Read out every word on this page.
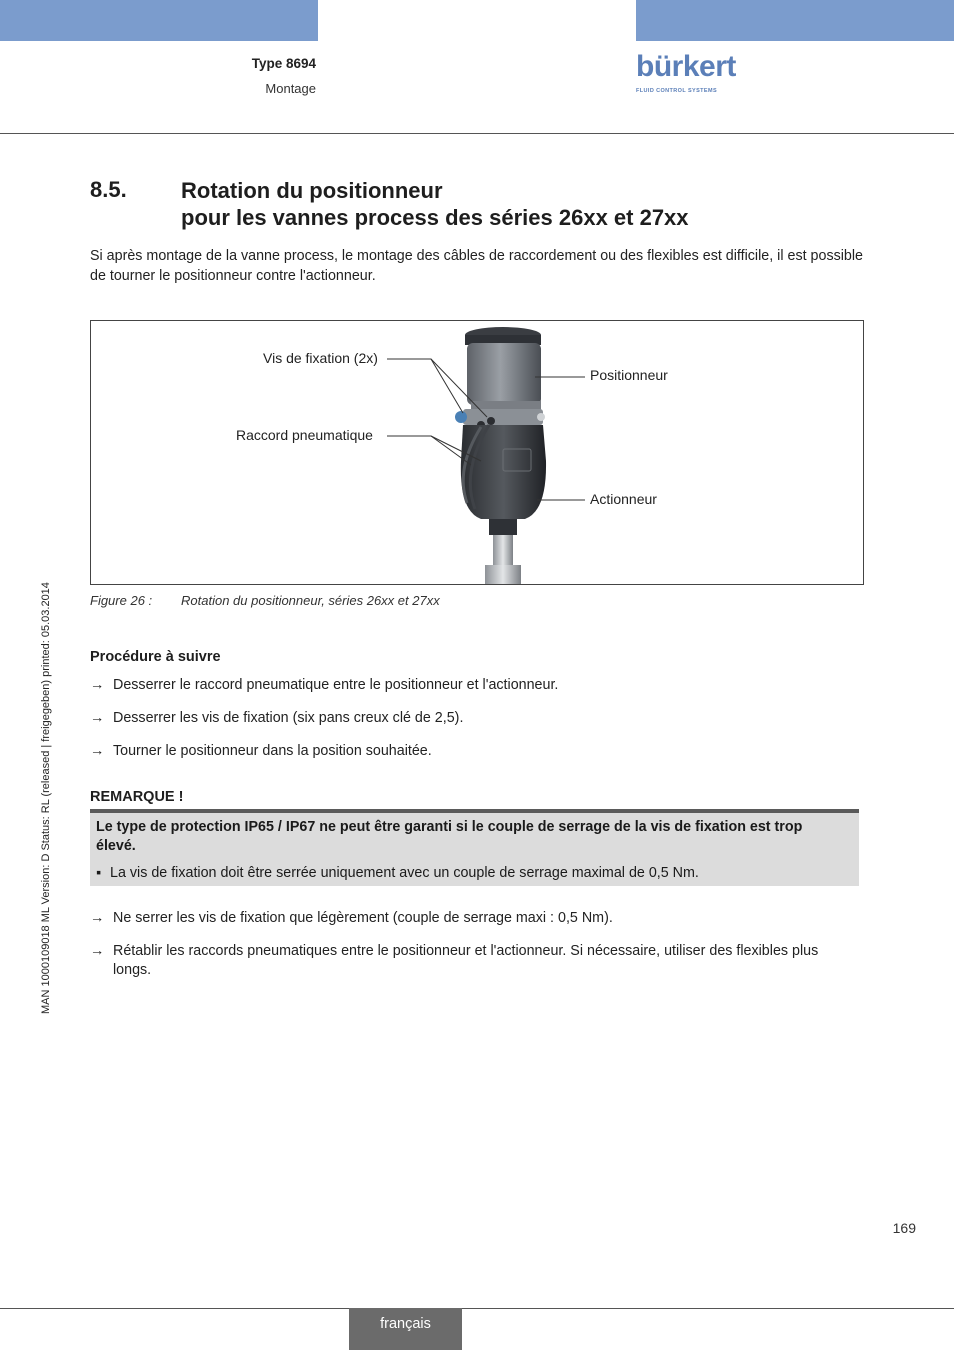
Type 8694
Montage
bürkert
FLUID CONTROL SYSTEMS
MAN 1000109018 ML Version: D Status: RL (released | freigegeben) printed: 05.03.2014
8.5. Rotation du positionneur
pour les vannes process des séries 26xx et 27xx

Si après montage de la vanne process, le montage des câbles de raccordement ou des flexibles est difficile, il est possible de tourner le positionneur contre l'actionneur.

Vis de fixation (2x)
Raccord pneumatique
Positionneur
Actionneur
Figure 26 : Rotation du positionneur, séries 26xx et 27xx
Procédure à suivre
→ Desserrer le raccord pneumatique entre le positionneur et l'actionneur.
→ Desserrer les vis de fixation (six pans creux clé de 2,5).
→ Tourner le positionneur dans la position souhaitée.
REMARQUE !
Le type de protection IP65 / IP67 ne peut être garanti si le couple de serrage de la vis de fixation est trop élevé.
▪ La vis de fixation doit être serrée uniquement avec un couple de serrage maximal de 0,5 Nm.
→ Ne serrer les vis de fixation que légèrement (couple de serrage maxi : 0,5 Nm).
→ Rétablir les raccords pneumatiques entre le positionneur et l'actionneur. Si nécessaire, utiliser des flexibles plus longs.
169
français
